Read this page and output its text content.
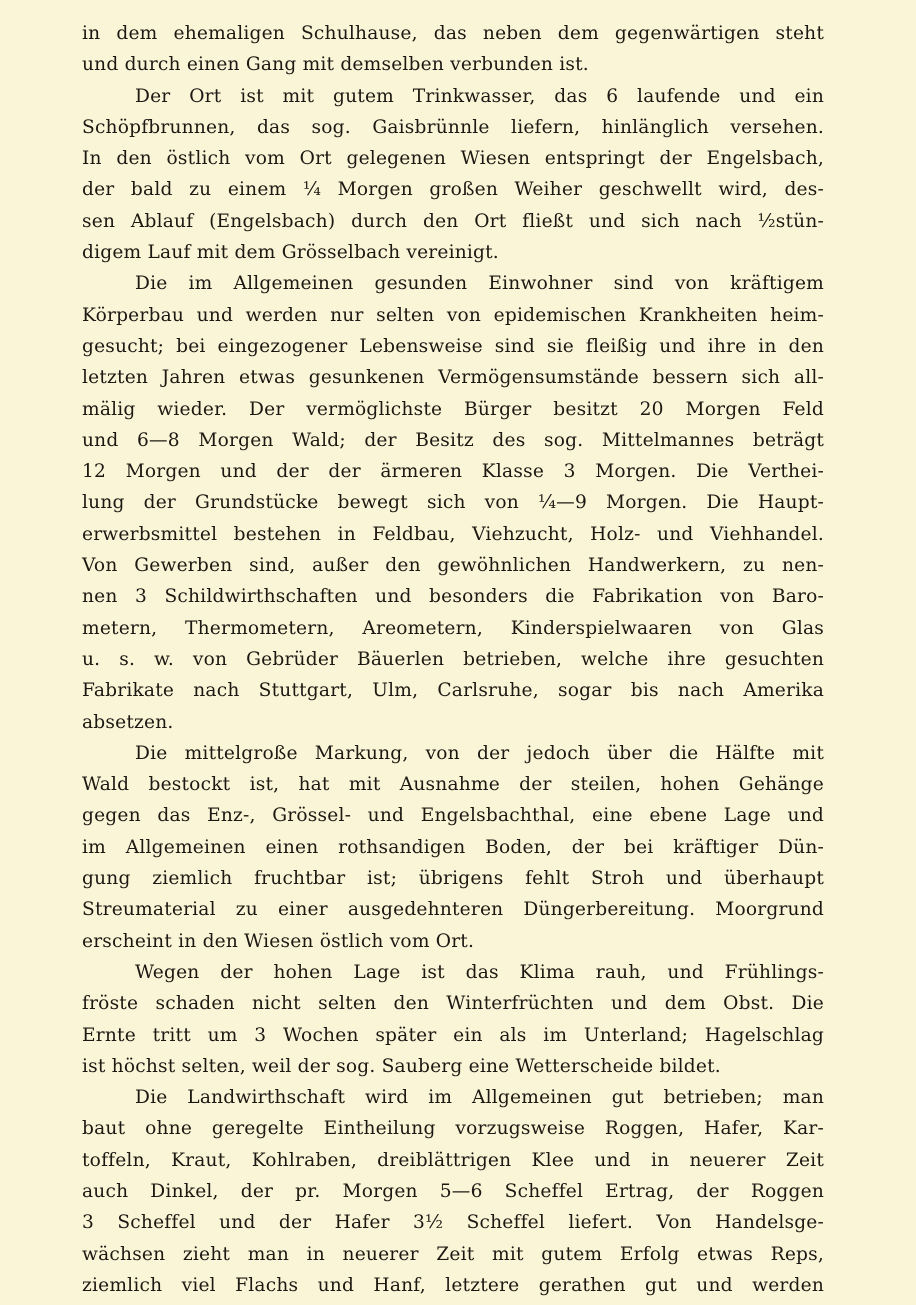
in dem ehemaligen Schulhause, das neben dem gegenwärtigen steht
und durch einen Gang mit demselben verbunden ist.
Der Ort ist mit gutem Trinkwasser, das 6 laufende und ein
Schöpfbrunnen, das sog. Gaisbrünnle liefern, hinlänglich versehen.
In den östlich vom Ort gelegenen Wiesen entspringt der Engelsbach,
der bald zu einem ¼ Morgen großen Weiher geschwellt wird, des-
sen Ablauf (Engelsbach) durch den Ort fließt und sich nach ½stün-
digem Lauf mit dem Grösselbach vereinigt.
Die im Allgemeinen gesunden Einwohner sind von kräftigem
Körperbau und werden nur selten von epidemischen Krankheiten heim-
gesucht; bei eingezogener Lebensweise sind sie fleißig und ihre in den
letzten Jahren etwas gesunkenen Vermögensumstände bessern sich all-
mälig wieder. Der vermöglichste Bürger besitzt 20 Morgen Feld
und 6—8 Morgen Wald; der Besitz des sog. Mittelmannes beträgt
12 Morgen und der der ärmeren Klasse 3 Morgen. Die Verthei-
lung der Grundstücke bewegt sich von ¼—9 Morgen. Die Haupt-
erwerbsmittel bestehen in Feldbau, Viehzucht, Holz- und Viehhandel.
Von Gewerben sind, außer den gewöhnlichen Handwerkern, zu nen-
nen 3 Schildwirthschaften und besonders die Fabrikation von Baro-
metern, Thermometern, Areometern, Kinderspielwaaren von Glas
u. s. w. von Gebrüder Bäuerlen betrieben, welche ihre gesuchten
Fabrikate nach Stuttgart, Ulm, Carlsruhe, sogar bis nach Amerika
absetzen.
Die mittelgroße Markung, von der jedoch über die Hälfte mit
Wald bestockt ist, hat mit Ausnahme der steilen, hohen Gehänge
gegen das Enz-, Grössel- und Engelsbachthal, eine ebene Lage und
im Allgemeinen einen rothsandigen Boden, der bei kräftiger Dün-
gung ziemlich fruchtbar ist; übrigens fehlt Stroh und überhaupt
Streumaterial zu einer ausgedehnteren Düngerbereitung. Moorgrund
erscheint in den Wiesen östlich vom Ort.
Wegen der hohen Lage ist das Klima rauh, und Frühlings-
fröste schaden nicht selten den Winterfrüchten und dem Obst. Die
Ernte tritt um 3 Wochen später ein als im Unterland; Hagelschlag
ist höchst selten, weil der sog. Sauberg eine Wetterscheide bildet.
Die Landwirthschaft wird im Allgemeinen gut betrieben; man
baut ohne geregelte Eintheilung vorzugsweise Roggen, Hafer, Kar-
toffeln, Kraut, Kohlraben, dreiblättrigen Klee und in neuerer Zeit
auch Dinkel, der pr. Morgen 5—6 Scheffel Ertrag, der Roggen
3 Scheffel und der Hafer 3½ Scheffel liefert. Von Handelsge-
wächsen zieht man in neuerer Zeit mit gutem Erfolg etwas Reps,
ziemlich viel Flachs und Hanf, letztere gerathen gut und werden
